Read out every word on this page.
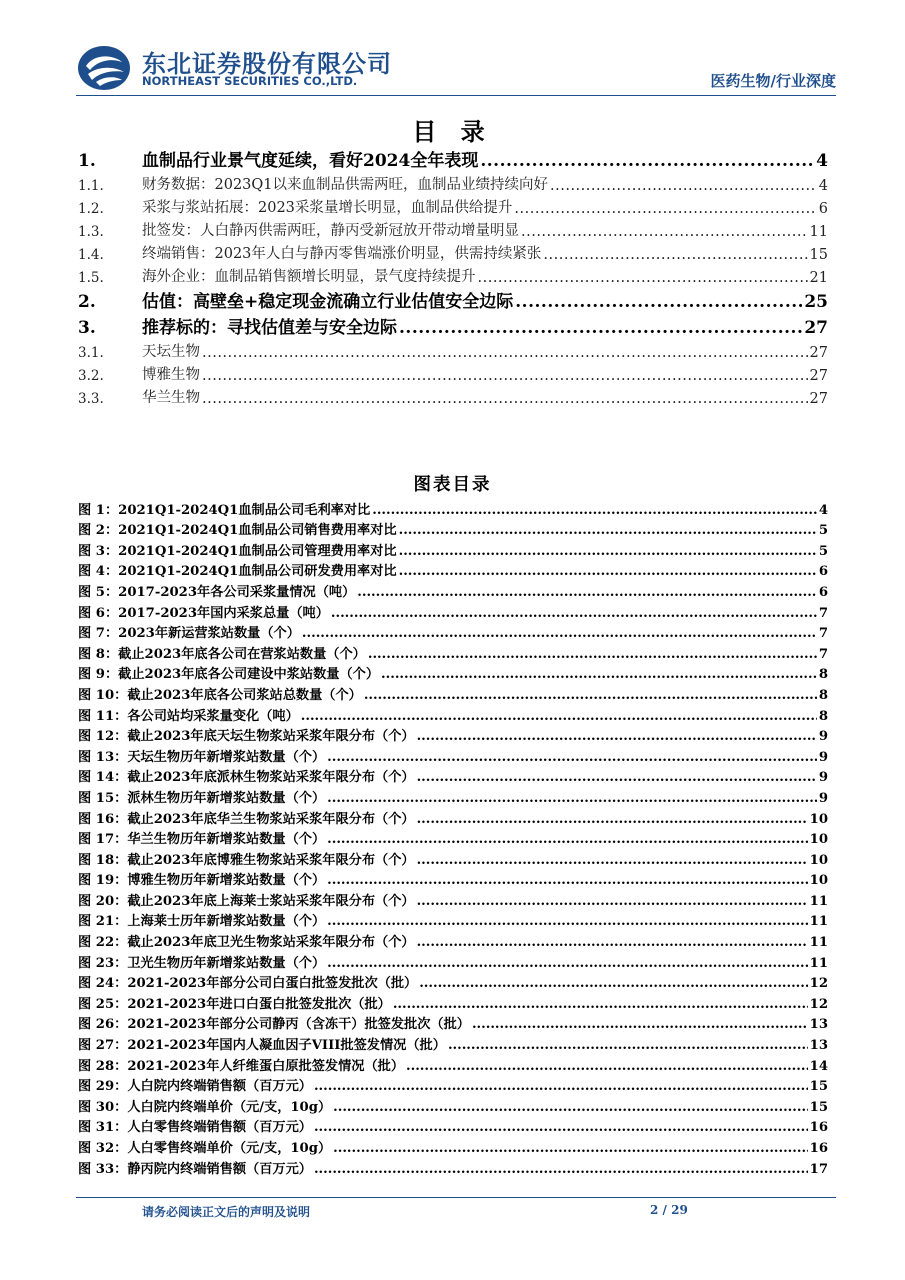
东北证券股份有限公司
NORTHEAST SECURITIES CO.,LTD.	医药生物/行业深度
目 录
1.	血制品行业景气度延续，看好2024全年表现 .....	4
1.1.	财务数据：2023Q1以来血制品供需两旺，血制品业绩持续向好 .....	4
1.2.	采浆与浆站拓展：2023采浆量增长明显，血制品供给提升 .....	6
1.3.	批签发：人白静丙供需两旺，静丙受新冠放开带动增量明显 .....	11
1.4.	终端销售：2023年人白与静丙零售端涨价明显，供需持续紧张 .....	15
1.5.	海外企业：血制品销售额增长明显，景气度持续提升 .....	21
2.	估值：高壁垒+稳定现金流确立行业估值安全边际 .....	25
3.	推荐标的：寻找估值差与安全边际 .....	27
3.1.	天坛生物 .....	27
3.2.	博雅生物 .....	27
3.3.	华兰生物 .....	27
图表目录
图 1：2021Q1-2024Q1血制品公司毛利率对比 .....	4
图 2：2021Q1-2024Q1血制品公司销售费用率对比 .....	5
图 3：2021Q1-2024Q1血制品公司管理费用率对比 .....	5
图 4：2021Q1-2024Q1血制品公司研发费用率对比 .....	6
图 5：2017-2023年各公司采浆量情况（吨） .....	6
图 6：2017-2023年国内采浆总量（吨） .....	7
图 7：2023年新运营浆站数量（个） .....	7
图 8：截止2023年底各公司在营浆站数量（个） .....	7
图 9：截止2023年底各公司建设中浆站数量（个） .....	8
图 10：截止2023年底各公司浆站总数量（个） .....	8
图 11：各公司站均采浆量变化（吨） .....	8
图 12：截止2023年底天坛生物浆站采浆年限分布（个） .....	9
图 13：天坛生物历年新增浆站数量（个） .....	9
图 14：截止2023年底派林生物浆站采浆年限分布（个） .....	9
图 15：派林生物历年新增浆站数量（个） .....	9
图 16：截止2023年底华兰生物浆站采浆年限分布（个） .....	10
图 17：华兰生物历年新增浆站数量（个） .....	10
图 18：截止2023年底博雅生物浆站采浆年限分布（个） .....	10
图 19：博雅生物历年新增浆站数量（个） .....	10
图 20：截止2023年底上海莱士浆站采浆年限分布（个） .....	11
图 21：上海莱士历年新增浆站数量（个） .....	11
图 22：截止2023年底卫光生物浆站采浆年限分布（个） .....	11
图 23：卫光生物历年新增浆站数量（个） .....	11
图 24：2021-2023年部分公司白蛋白批签发批次（批） .....	12
图 25：2021-2023年进口白蛋白批签发批次（批） .....	12
图 26：2021-2023年部分公司静丙（含冻干）批签发批次（批） .....	13
图 27：2021-2023年国内人凝血因子VIII批签发情况（批） .....	13
图 28：2021-2023年人纤维蛋白原批签发情况（批） .....	14
图 29：人白院内终端销售额（百万元） .....	15
图 30：人白院内终端单价（元/支，10g） .....	15
图 31：人白零售终端销售额（百万元） .....	16
图 32：人白零售终端单价（元/支，10g） .....	16
图 33：静丙院内终端销售额（百万元） .....	17
请务必阅读正文后的声明及说明	2 / 29
